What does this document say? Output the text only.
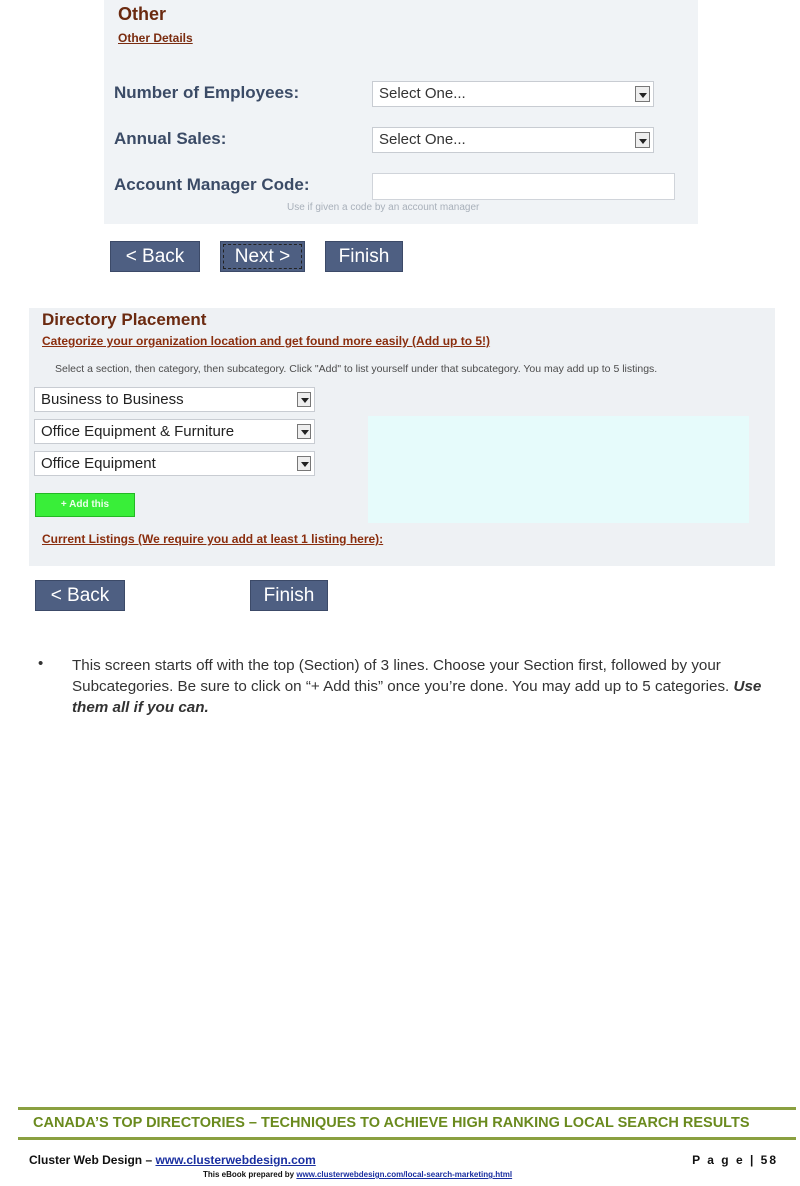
Other
Other Details
Number of Employees:	Select One...
Annual Sales:	Select One...
Account Manager Code:
Use if given a code by an account manager
< Back	Next >	Finish
Directory Placement
Categorize your organization location and get found more easily (Add up to 5!)
Select a section, then category, then subcategory. Click "Add" to list yourself under that subcategory. You may add up to 5 listings.
Business to Business
Office Equipment & Furniture
Office Equipment
+ Add this
Current Listings (We require you add at least 1 listing here):
< Back	Finish
• This screen starts off with the top (Section) of 3 lines. Choose your Section first, followed by your Subcategories. Be sure to click on “+ Add this” once you’re done. You may add up to 5 categories. Use them all if you can.
CANADA’S TOP DIRECTORIES – TECHNIQUES TO ACHIEVE HIGH RANKING LOCAL SEARCH RESULTS
Cluster Web Design – www.clusterwebdesign.com	P a g e | 58
This eBook prepared by www.clusterwebdesign.com/local-search-marketing.html
